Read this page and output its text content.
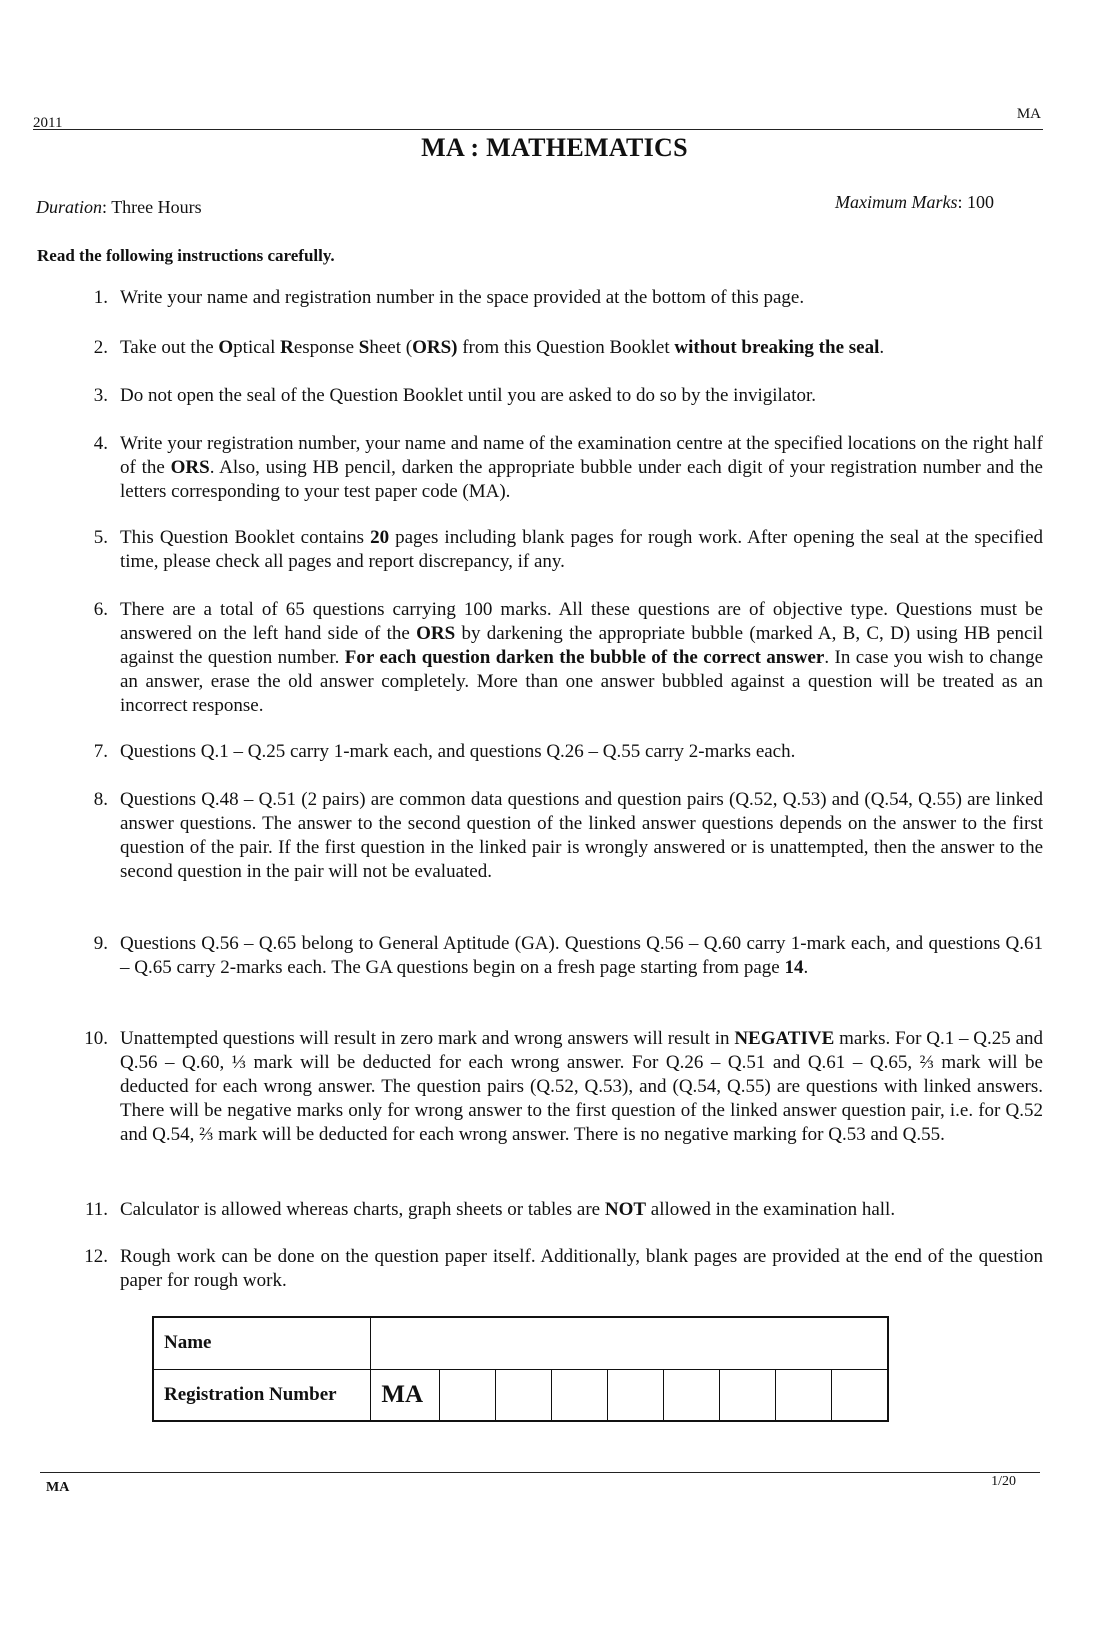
2011
MA
MA : MATHEMATICS
Duration: Three Hours	Maximum Marks: 100
Read the following instructions carefully.
1. Write your name and registration number in the space provided at the bottom of this page.
2. Take out the Optical Response Sheet (ORS) from this Question Booklet without breaking the seal.
3. Do not open the seal of the Question Booklet until you are asked to do so by the invigilator.
4. Write your registration number, your name and name of the examination centre at the specified locations on the right half of the ORS. Also, using HB pencil, darken the appropriate bubble under each digit of your registration number and the letters corresponding to your test paper code (MA).
5. This Question Booklet contains 20 pages including blank pages for rough work. After opening the seal at the specified time, please check all pages and report discrepancy, if any.
6. There are a total of 65 questions carrying 100 marks. All these questions are of objective type. Questions must be answered on the left hand side of the ORS by darkening the appropriate bubble (marked A, B, C, D) using HB pencil against the question number. For each question darken the bubble of the correct answer. In case you wish to change an answer, erase the old answer completely. More than one answer bubbled against a question will be treated as an incorrect response.
7. Questions Q.1 – Q.25 carry 1-mark each, and questions Q.26 – Q.55 carry 2-marks each.
8. Questions Q.48 – Q.51 (2 pairs) are common data questions and question pairs (Q.52, Q.53) and (Q.54, Q.55) are linked answer questions. The answer to the second question of the linked answer questions depends on the answer to the first question of the pair. If the first question in the linked pair is wrongly answered or is unattempted, then the answer to the second question in the pair will not be evaluated.
9. Questions Q.56 – Q.65 belong to General Aptitude (GA). Questions Q.56 – Q.60 carry 1-mark each, and questions Q.61 – Q.65 carry 2-marks each. The GA questions begin on a fresh page starting from page 14.
10. Unattempted questions will result in zero mark and wrong answers will result in NEGATIVE marks. For Q.1 – Q.25 and Q.56 – Q.60, ⅓ mark will be deducted for each wrong answer. For Q.26 – Q.51 and Q.61 – Q.65, ⅔ mark will be deducted for each wrong answer. The question pairs (Q.52, Q.53), and (Q.54, Q.55) are questions with linked answers. There will be negative marks only for wrong answer to the first question of the linked answer question pair, i.e. for Q.52 and Q.54, ⅔ mark will be deducted for each wrong answer. There is no negative marking for Q.53 and Q.55.
11. Calculator is allowed whereas charts, graph sheets or tables are NOT allowed in the examination hall.
12. Rough work can be done on the question paper itself. Additionally, blank pages are provided at the end of the question paper for rough work.
Name									
Registration Number	MA								
MA	1/20
